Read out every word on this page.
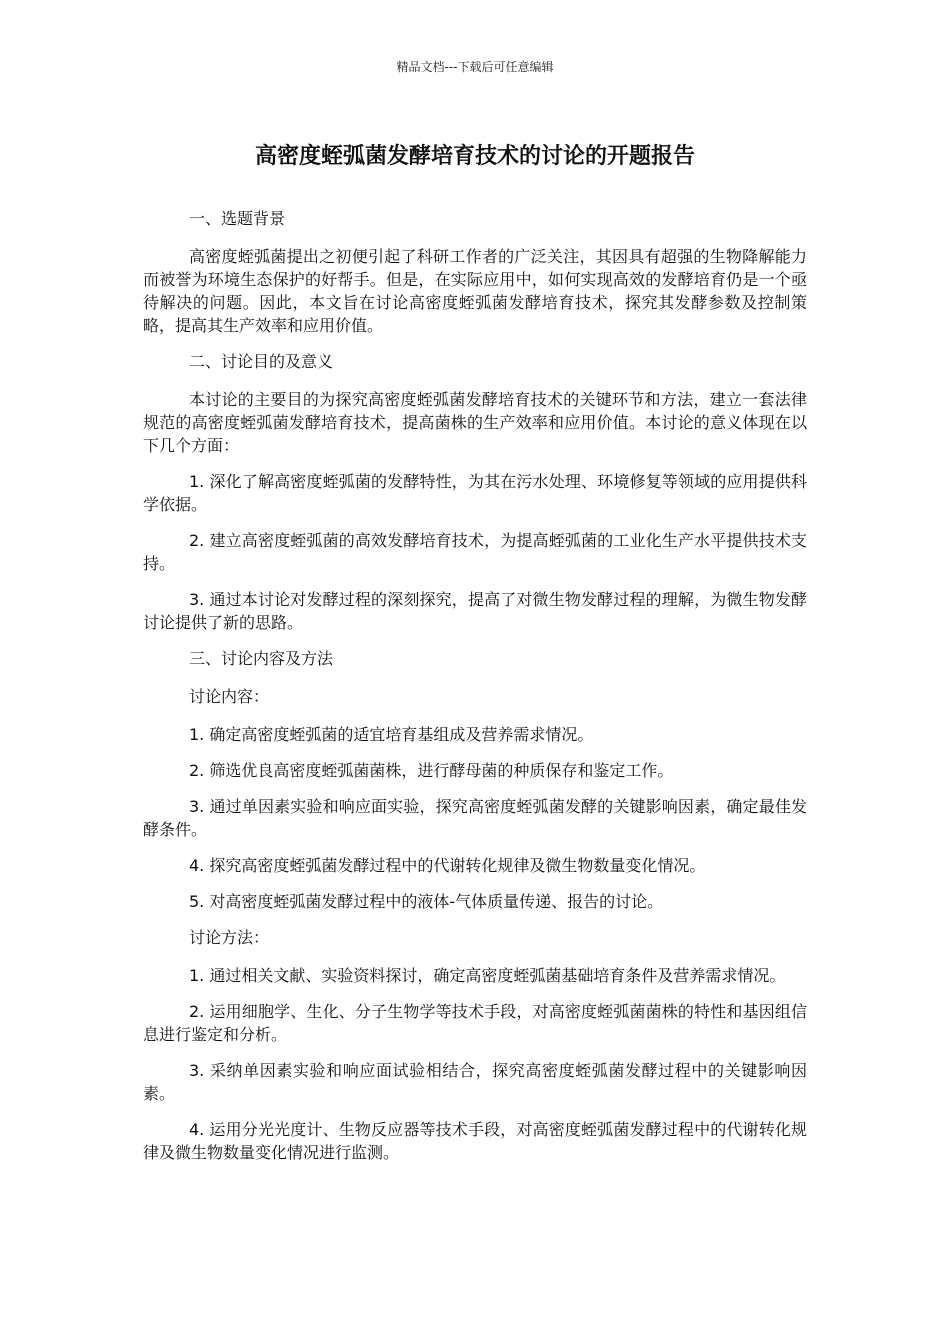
精品文档---下载后可任意编辑
高密度蛭弧菌发酵培育技术的讨论的开题报告

一、选题背景

高密度蛭弧菌提出之初便引起了科研工作者的广泛关注，其因具有超强的生物降解能力而被誉为环境生态保护的好帮手。但是，在实际应用中，如何实现高效的发酵培育仍是一个亟待解决的问题。因此，本文旨在讨论高密度蛭弧菌发酵培育技术，探究其发酵参数及控制策略，提高其生产效率和应用价值。

二、讨论目的及意义

本讨论的主要目的为探究高密度蛭弧菌发酵培育技术的关键环节和方法，建立一套法律规范的高密度蛭弧菌发酵培育技术，提高菌株的生产效率和应用价值。本讨论的意义体现在以下几个方面：

1. 深化了解高密度蛭弧菌的发酵特性，为其在污水处理、环境修复等领域的应用提供科学依据。

2. 建立高密度蛭弧菌的高效发酵培育技术，为提高蛭弧菌的工业化生产水平提供技术支持。

3. 通过本讨论对发酵过程的深刻探究，提高了对微生物发酵过程的理解，为微生物发酵讨论提供了新的思路。

三、讨论内容及方法

讨论内容：

1. 确定高密度蛭弧菌的适宜培育基组成及营养需求情况。

2. 筛选优良高密度蛭弧菌菌株，进行酵母菌的种质保存和鉴定工作。

3. 通过单因素实验和响应面实验，探究高密度蛭弧菌发酵的关键影响因素，确定最佳发酵条件。

4. 探究高密度蛭弧菌发酵过程中的代谢转化规律及微生物数量变化情况。

5. 对高密度蛭弧菌发酵过程中的液体-气体质量传递、报告的讨论。

讨论方法：

1. 通过相关文献、实验资料探讨，确定高密度蛭弧菌基础培育条件及营养需求情况。

2. 运用细胞学、生化、分子生物学等技术手段，对高密度蛭弧菌菌株的特性和基因组信息进行鉴定和分析。

3. 采纳单因素实验和响应面试验相结合，探究高密度蛭弧菌发酵过程中的关键影响因素。

4. 运用分光光度计、生物反应器等技术手段，对高密度蛭弧菌发酵过程中的代谢转化规律及微生物数量变化情况进行监测。
